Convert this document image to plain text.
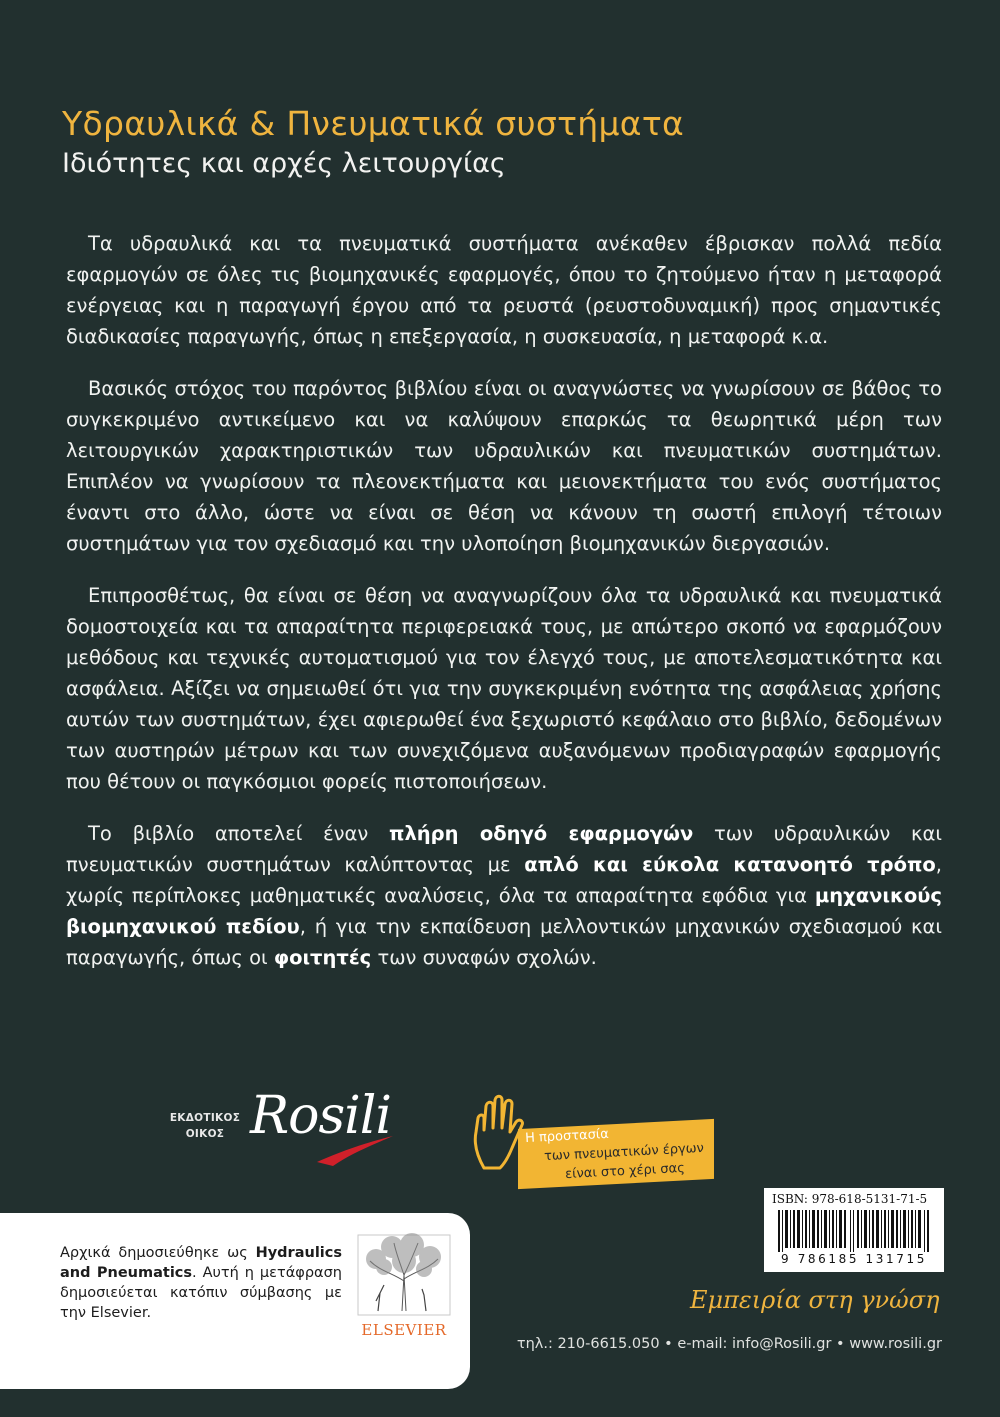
Υδραυλικά & Πνευματικά συστήματα
Ιδιότητες και αρχές λειτουργίας

Τα υδραυλικά και τα πνευματικά συστήματα ανέκαθεν έβρισκαν πολλά πεδία εφαρμογών σε όλες τις βιομηχανικές εφαρμογές, όπου το ζητούμενο ήταν η μεταφορά ενέργειας και η παραγωγή έργου από τα ρευστά (ρευστοδυναμική) προς σημαντικές διαδικασίες παραγωγής, όπως η επεξεργασία, η συσκευασία, η μεταφορά κ.α.

Βασικός στόχος του παρόντος βιβλίου είναι οι αναγνώστες να γνωρίσουν σε βάθος το συγκεκριμένο αντικείμενο και να καλύψουν επαρκώς τα θεωρητικά μέρη των λειτουργικών χαρακτηριστικών των υδραυλικών και πνευματικών συστημάτων. Επιπλέον να γνωρίσουν τα πλεονεκτήματα και μειονεκτήματα του ενός συστήματος έναντι στο άλλο, ώστε να είναι σε θέση να κάνουν τη σωστή επιλογή τέτοιων συστημάτων για τον σχεδιασμό και την υλοποίηση βιομηχανικών διεργασιών.

Επιπροσθέτως, θα είναι σε θέση να αναγνωρίζουν όλα τα υδραυλικά και πνευματικά δομοστοιχεία και τα απαραίτητα περιφερειακά τους, με απώτερο σκοπό να εφαρμόζουν μεθόδους και τεχνικές αυτοματισμού για τον έλεγχό τους, με αποτελεσματικότητα και ασφάλεια. Αξίζει να σημειωθεί ότι για την συγκεκριμένη ενότητα της ασφάλειας χρήσης αυτών των συστημάτων, έχει αφιερωθεί ένα ξεχωριστό κεφάλαιο στο βιβλίο, δεδομένων των αυστηρών μέτρων και των συνεχιζόμενα αυξανόμενων προδιαγραφών εφαρμογής που θέτουν οι παγκόσμιοι φορείς πιστοποιήσεων.

Το βιβλίο αποτελεί έναν πλήρη οδηγό εφαρμογών των υδραυλικών και πνευματικών συστημάτων καλύπτοντας με απλό και εύκολα κατανοητό τρόπο, χωρίς περίπλοκες μαθηματικές αναλύσεις, όλα τα απαραίτητα εφόδια για μηχανικούς βιομηχανικού πεδίου, ή για την εκπαίδευση μελλοντικών μηχανικών σχεδιασμού και παραγωγής, όπως οι φοιτητές των συναφών σχολών.

ΕΚΔΟΤΙΚΟΣ
ΟΙΚΟΣ Rosili	Η προστασία
των πνευματικών έργων
είναι στο χέρι σας
ISBN: 978-618-5131-71-5
9 786185 131715
Αρχικά δημοσιεύθηκε ως Hydraulics and Pneumatics. Αυτή η μετάφραση δημοσιεύεται κατόπιν σύμβασης με την Elsevier.
ELSEVIER
Εμπειρία στη γνώση
τηλ.: 210-6615.050 • e-mail: info@Rosili.gr • www.rosili.gr
